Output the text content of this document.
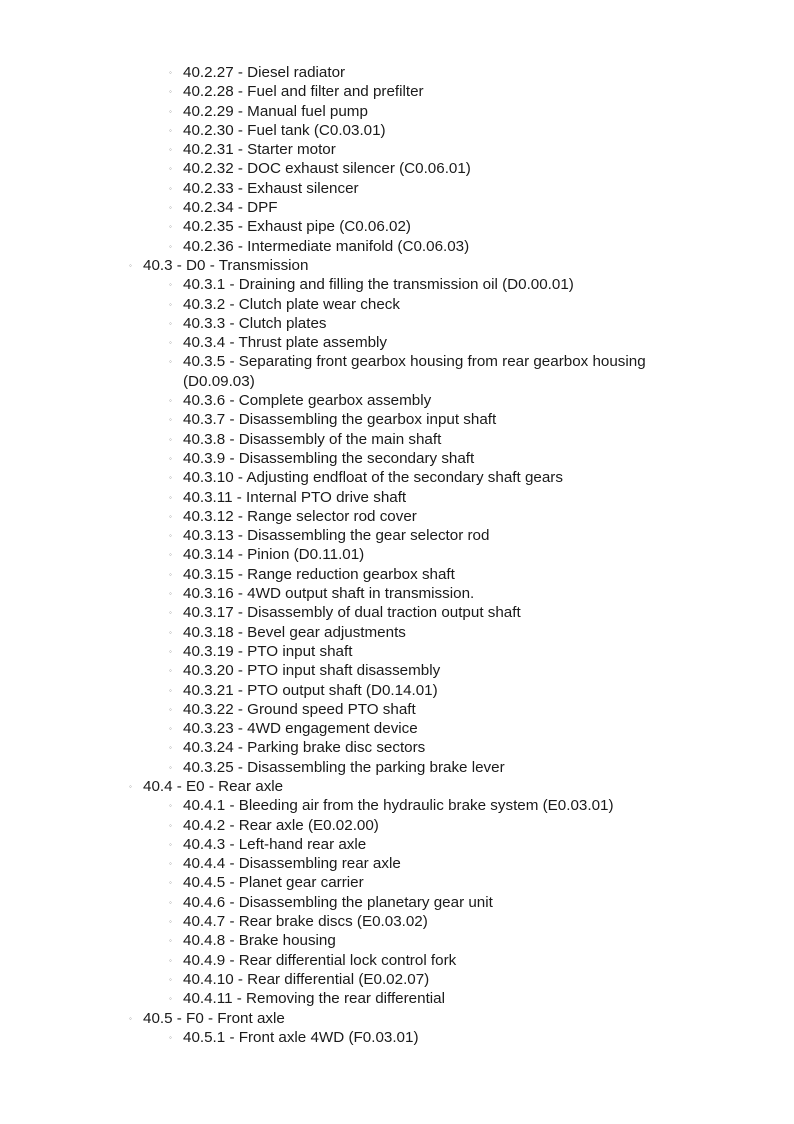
◦ 40.2.27 - Diesel radiator
◦ 40.2.28 - Fuel and filter and prefilter
◦ 40.2.29 - Manual fuel pump
◦ 40.2.30 - Fuel tank (C0.03.01)
◦ 40.2.31 - Starter motor
◦ 40.2.32 - DOC exhaust silencer (C0.06.01)
◦ 40.2.33 - Exhaust silencer
◦ 40.2.34 - DPF
◦ 40.2.35 - Exhaust pipe (C0.06.02)
◦ 40.2.36 - Intermediate manifold (C0.06.03)
◦ 40.3 - D0 - Transmission
◦ 40.3.1 - Draining and filling the transmission oil (D0.00.01)
◦ 40.3.2 - Clutch plate wear check
◦ 40.3.3 - Clutch plates
◦ 40.3.4 - Thrust plate assembly
◦ 40.3.5 - Separating front gearbox housing from rear gearbox housing (D0.09.03)
◦ 40.3.6 - Complete gearbox assembly
◦ 40.3.7 - Disassembling the gearbox input shaft
◦ 40.3.8 - Disassembly of the main shaft
◦ 40.3.9 - Disassembling the secondary shaft
◦ 40.3.10 - Adjusting endfloat of the secondary shaft gears
◦ 40.3.11 - Internal PTO drive shaft
◦ 40.3.12 - Range selector rod cover
◦ 40.3.13 - Disassembling the gear selector rod
◦ 40.3.14 - Pinion (D0.11.01)
◦ 40.3.15 - Range reduction gearbox shaft
◦ 40.3.16 - 4WD output shaft in transmission.
◦ 40.3.17 - Disassembly of dual traction output shaft
◦ 40.3.18 - Bevel gear adjustments
◦ 40.3.19 - PTO input shaft
◦ 40.3.20 - PTO input shaft disassembly
◦ 40.3.21 - PTO output shaft (D0.14.01)
◦ 40.3.22 - Ground speed PTO shaft
◦ 40.3.23 - 4WD engagement device
◦ 40.3.24 - Parking brake disc sectors
◦ 40.3.25 - Disassembling the parking brake lever
◦ 40.4 - E0 - Rear axle
◦ 40.4.1 - Bleeding air from the hydraulic brake system (E0.03.01)
◦ 40.4.2 - Rear axle (E0.02.00)
◦ 40.4.3 - Left-hand rear axle
◦ 40.4.4 - Disassembling rear axle
◦ 40.4.5 - Planet gear carrier
◦ 40.4.6 - Disassembling the planetary gear unit
◦ 40.4.7 - Rear brake discs (E0.03.02)
◦ 40.4.8 - Brake housing
◦ 40.4.9 - Rear differential lock control fork
◦ 40.4.10 - Rear differential (E0.02.07)
◦ 40.4.11 - Removing the rear differential
◦ 40.5 - F0 - Front axle
◦ 40.5.1 - Front axle 4WD (F0.03.01)
